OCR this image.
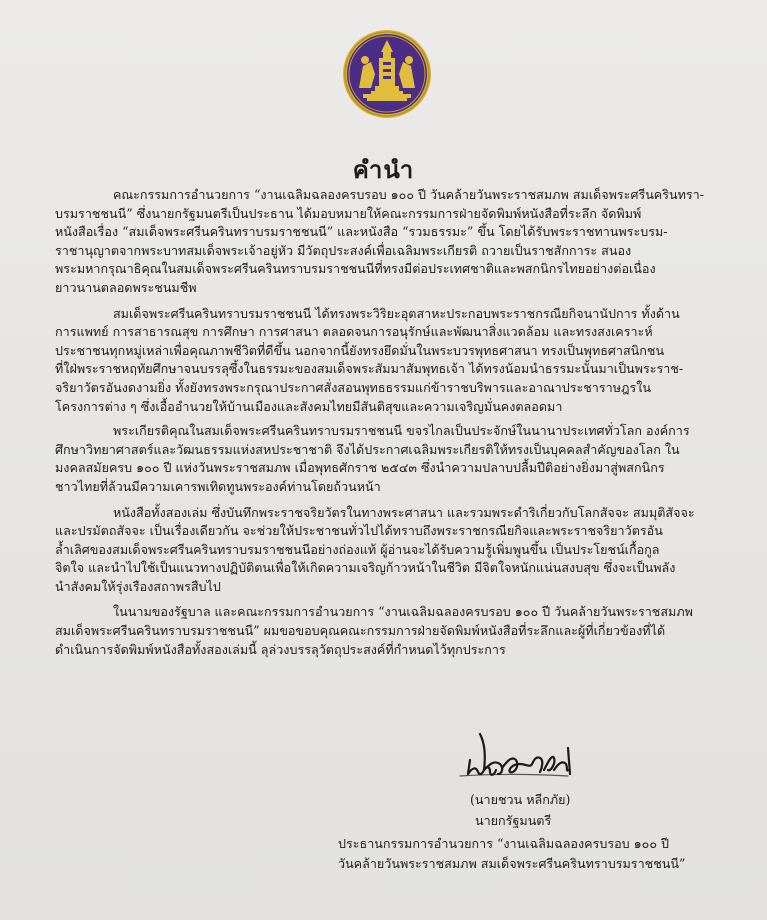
คำนำ

คณะกรรมการอำนวยการ “งานเฉลิมฉลองครบรอบ ๑๐๐ ปี วันคล้ายวันพระราชสมภพ สมเด็จพระศรีนครินทรา-
บรมราชชนนี” ซึ่งนายกรัฐมนตรีเป็นประธาน ได้มอบหมายให้คณะกรรมการฝ่ายจัดพิมพ์หนังสือที่ระลึก จัดพิมพ์
หนังสือเรื่อง “สมเด็จพระศรีนครินทราบรมราชชนนี” และหนังสือ “รวมธรรมะ” ขึ้น โดยได้รับพระราชทานพระบรม-
ราชานุญาตจากพระบาทสมเด็จพระเจ้าอยู่หัว มีวัตถุประสงค์เพื่อเฉลิมพระเกียรติ ถวายเป็นราชสักการะ สนอง
พระมหากรุณาธิคุณในสมเด็จพระศรีนครินทราบรมราชชนนีที่ทรงมีต่อประเทศชาติและพสกนิกรไทยอย่างต่อเนื่อง
ยาวนานตลอดพระชนมชีพ

สมเด็จพระศรีนครินทราบรมราชชนนี ได้ทรงพระวิริยะอุตสาหะประกอบพระราชกรณียกิจนานัปการ ทั้งด้าน
การแพทย์ การสาธารณสุข การศึกษา การศาสนา ตลอดจนการอนุรักษ์และพัฒนาสิ่งแวดล้อม และทรงสงเคราะห์
ประชาชนทุกหมู่เหล่าเพื่อคุณภาพชีวิตที่ดีขึ้น นอกจากนี้ยังทรงยึดมั่นในพระบวรพุทธศาสนา ทรงเป็นพุทธศาสนิกชน
ที่ใฝ่พระราชหฤทัยศึกษาจนบรรลุซึ้งในธรรมะของสมเด็จพระสัมมาสัมพุทธเจ้า ได้ทรงน้อมนำธรรมะนั้นมาเป็นพระราช-
จริยาวัตรอันงดงามยิ่ง ทั้งยังทรงพระกรุณาประกาศสั่งสอนพุทธธรรมแก่ข้าราชบริพารและอาณาประชาราษฎรใน
โครงการต่าง ๆ ซึ่งเอื้ออำนวยให้บ้านเมืองและสังคมไทยมีสันติสุขและความเจริญมั่นคงตลอดมา

พระเกียรติคุณในสมเด็จพระศรีนครินทราบรมราชชนนี ขจรไกลเป็นประจักษ์ในนานาประเทศทั่วโลก องค์การ
ศึกษาวิทยาศาสตร์และวัฒนธรรมแห่งสหประชาชาติ จึงได้ประกาศเฉลิมพระเกียรติให้ทรงเป็นบุคคลสำคัญของโลก ใน
มงคลสมัยครบ ๑๐๐ ปี แห่งวันพระราชสมภพ เมื่อพุทธศักราช ๒๕๔๓ ซึ่งนำความปลาบปลื้มปีติอย่างยิ่งมาสู่พสกนิกร
ชาวไทยที่ล้วนมีความเคารพเทิดทูนพระองค์ท่านโดยถ้วนหน้า

หนังสือทั้งสองเล่ม ซึ่งบันทึกพระราชจริยวัตรในทางพระศาสนา และรวมพระดำริเกี่ยวกับโลกสัจจะ สมมุติสัจจะ
และปรมัตถสัจจะ เป็นเรื่องเดียวกัน จะช่วยให้ประชาชนทั่วไปได้ทราบถึงพระราชกรณียกิจและพระราชจริยาวัตรอัน
ล้ำเลิศของสมเด็จพระศรีนครินทราบรมราชชนนีอย่างถ่องแท้ ผู้อ่านจะได้รับความรู้เพิ่มพูนขึ้น เป็นประโยชน์เกื้อกูล
จิตใจ และนำไปใช้เป็นแนวทางปฏิบัติตนเพื่อให้เกิดความเจริญก้าวหน้าในชีวิต มีจิตใจหนักแน่นสงบสุข ซึ่งจะเป็นพลัง
นำสังคมให้รุ่งเรืองสถาพรสืบไป

ในนามของรัฐบาล และคณะกรรมการอำนวยการ “งานเฉลิมฉลองครบรอบ ๑๐๐ ปี วันคล้ายวันพระราชสมภพ
สมเด็จพระศรีนครินทราบรมราชชนนี” ผมขอขอบคุณคณะกรรมการฝ่ายจัดพิมพ์หนังสือที่ระลึกและผู้ที่เกี่ยวข้องที่ได้
ดำเนินการจัดพิมพ์หนังสือทั้งสองเล่มนี้ ลุล่วงบรรลุวัตถุประสงค์ที่กำหนดไว้ทุกประการ

(นายชวน หลีกภัย)
นายกรัฐมนตรี
ประธานกรรมการอำนวยการ “งานเฉลิมฉลองครบรอบ ๑๐๐ ปี
วันคล้ายวันพระราชสมภพ สมเด็จพระศรีนครินทราบรมราชชนนี”
